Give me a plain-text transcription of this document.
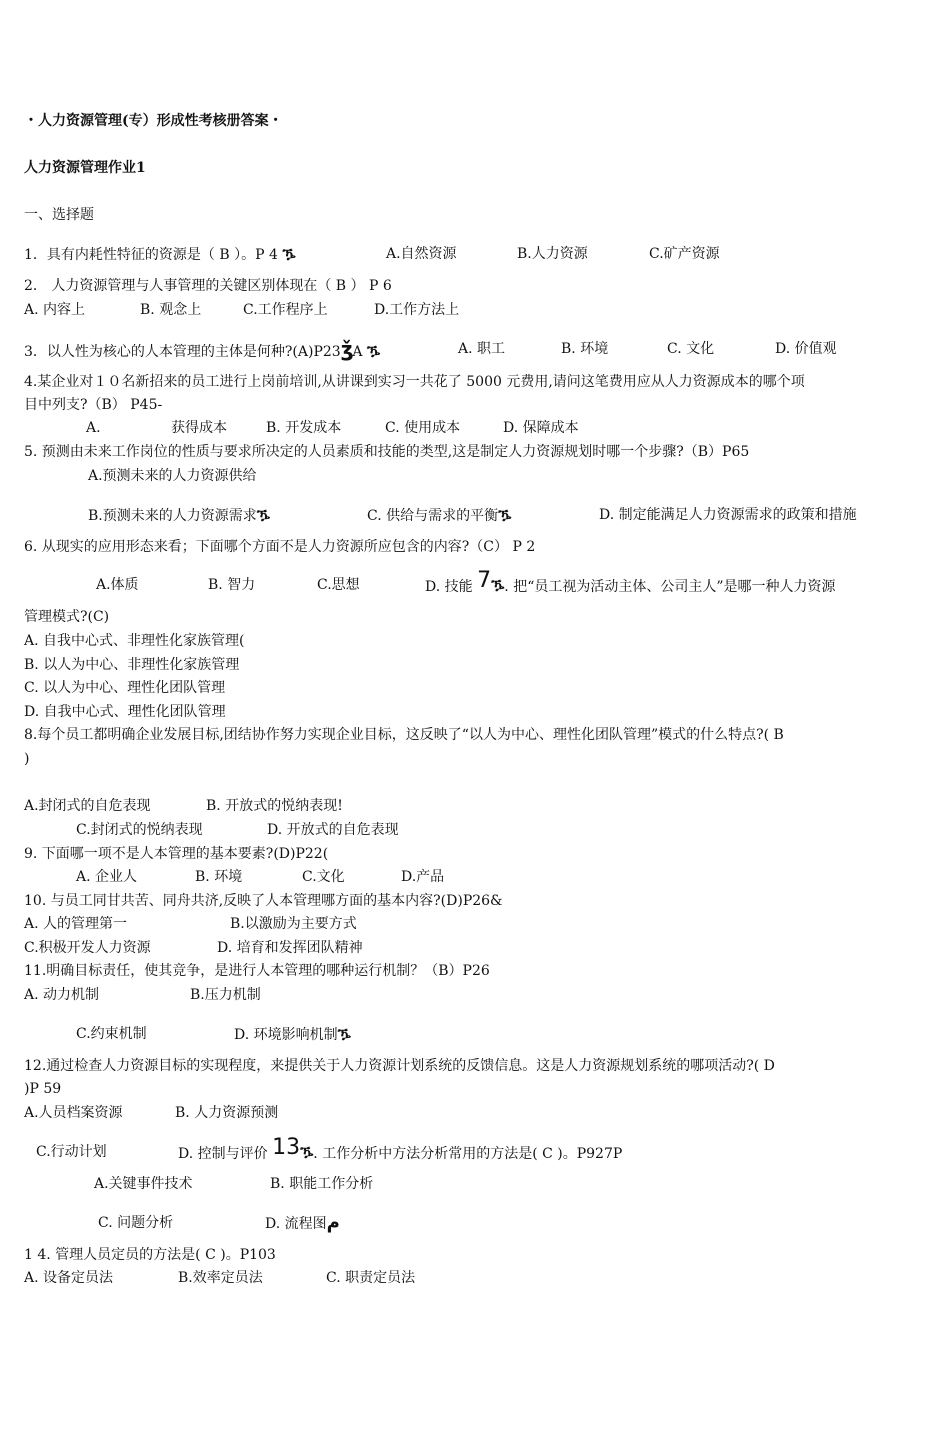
・人力资源管理(专）形成性考核册答案・
人力资源管理作业1
一、选择题
1．具有内耗性特征的资源是（ B ）。P 4 ዄ	A.自然资源	B.人力资源	C.矿产资源
2． 人力资源管理与人事管理的关键区别体现在（ B ） P 6
A. 内容上	B. 观念上	C.工作程序上	D.工作方法上
3．以人性为核心的人本管理的主体是何种?(A)P23ǯA ዄ	A. 职工	B. 环境	C. 文化	D. 价值观
4.某企业对１０名新招来的员工进行上岗前培训,从讲课到实习一共花了 5000 元费用,请问这笔费用应从人力资源成本的哪个项
目中列支?（B） P45-
A.	获得成本	B. 开发成本	C. 使用成本	D. 保障成本
5. 预测由未来工作岗位的性质与要求所决定的人员素质和技能的类型,这是制定人力资源规划时哪一个步骤?（B）P65
A.预测未来的人力资源供给
B.预测未来的人力资源需求ዄ	C. 供给与需求的平衡ዄ	D. 制定能满足人力资源需求的政策和措施
6. 从现实的应用形态来看；下面哪个方面不是人力资源所应包含的内容?（C） P 2
A.体质	B. 智力	C.思想	D. 技能 7ዄ. 把“员工视为活动主体、公司主人”是哪一种人力资源
管理模式?(C)
A. 自我中心式、非理性化家族管理(
B. 以人为中心、非理性化家族管理
C. 以人为中心、理性化团队管理
D. 自我中心式、理性化团队管理
8.每个员工都明确企业发展目标,团结协作努力实现企业目标，这反映了“以人为中心、理性化团队管理”模式的什么特点?( B
)
A.封闭式的自危表现	B. 开放式的悦纳表现!
C.封闭式的悦纳表现	D. 开放式的自危表现
9. 下面哪一项不是人本管理的基本要素?(D)P22(
A. 企业人	B. 环境	C.文化	D.产品
10. 与员工同甘共苦、同舟共济,反映了人本管理哪方面的基本内容?(D)P26&
A. 人的管理第一	B.以激励为主要方式
C.积极开发人力资源	D. 培育和发挥团队精神
11.明确目标责任，使其竞争，是进行人本管理的哪种运行机制？（B）P26
A. 动力机制	B.压力机制
C.约束机制	D. 环境影响机制ዄ
12.通过检查人力资源目标的实现程度，来提供关于人力资源计划系统的反馈信息。这是人力资源规划系统的哪项活动?( D
)P 59
A.人员档案资源	B. 人力资源预测
C.行动计划	D. 控制与评价 13ዄ. 工作分析中方法分析常用的方法是( C )。P927P
A.关键事件技术	B. 职能工作分析
C. 问题分析	D. 流程图م
1 4. 管理人员定员的方法是( C )。P103
A. 设备定员法	B.效率定员法	C. 职责定员法
